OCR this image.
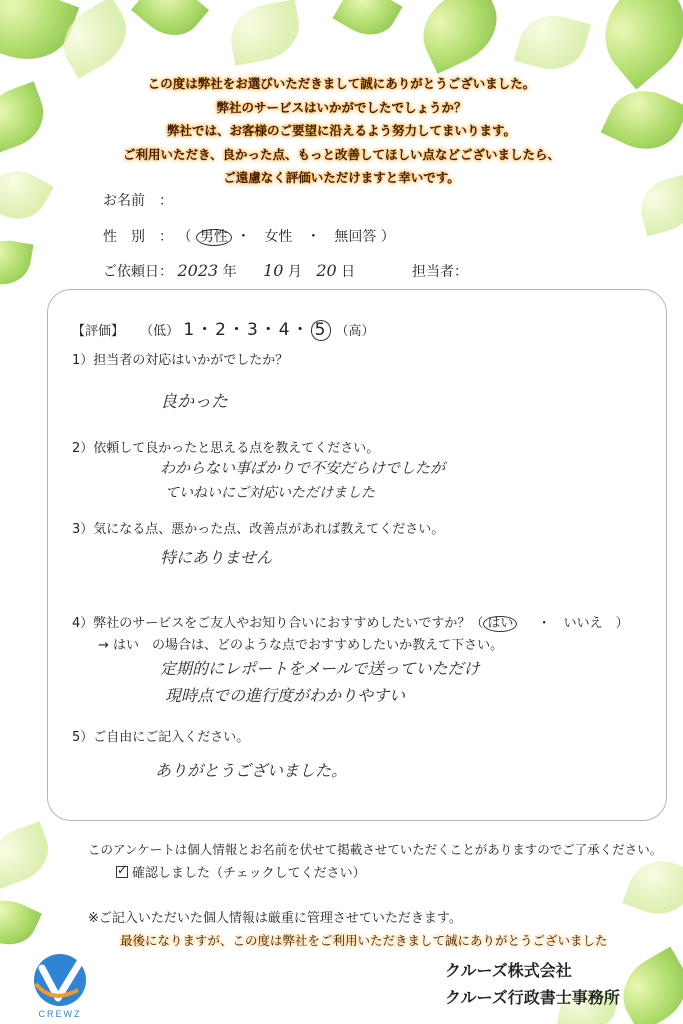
この度は弊社をお選びいただきまして誠にありがとうございました。
弊社のサービスはいかがでしたでしょうか？
弊社では、お客様のご要望に沿えるよう努力してまいります。
ご利用いただき、良かった点、もっと改善してほしい点などございましたら、
ご遠慮なく評価いただけますと幸いです。
お名前　：
性　別　： （ 男性 ・　女性　・　無回答 ）
ご依頼日： 2023 年 10 月 20 日	担当者：
【評価】 （低） 1・2・3・4・ 5 （高）
1）担当者の対応はいかがでしたか？
良かった
2）依頼して良かったと思える点を教えてください。
わからない事ばかりで不安だらけでしたが
ていねいにご対応いただけました
3）気になる点、悪かった点、改善点があれば教えてください。
特にありません
4）弊社のサービスをご友人やお知り合いにおすすめしたいですか？（ はい ・　いいえ　）
→ はい　の場合は、どのような点でおすすめしたいか教えて下さい。
定期的にレポートをメールで送っていただけ
現時点での進行度がわかりやすい
5）ご自由にご記入ください。
ありがとうございました。
このアンケートは個人情報とお名前を伏せて掲載させていただくことがありますのでご了承ください。
✓確認しました（チェックしてください）
※ご記入いただいた個人情報は厳重に管理させていただきます。
最後になりますが、この度は弊社をご利用いただきまして誠にありがとうございました
クルーズ株式会社
クルーズ行政書士事務所
CREWZ
